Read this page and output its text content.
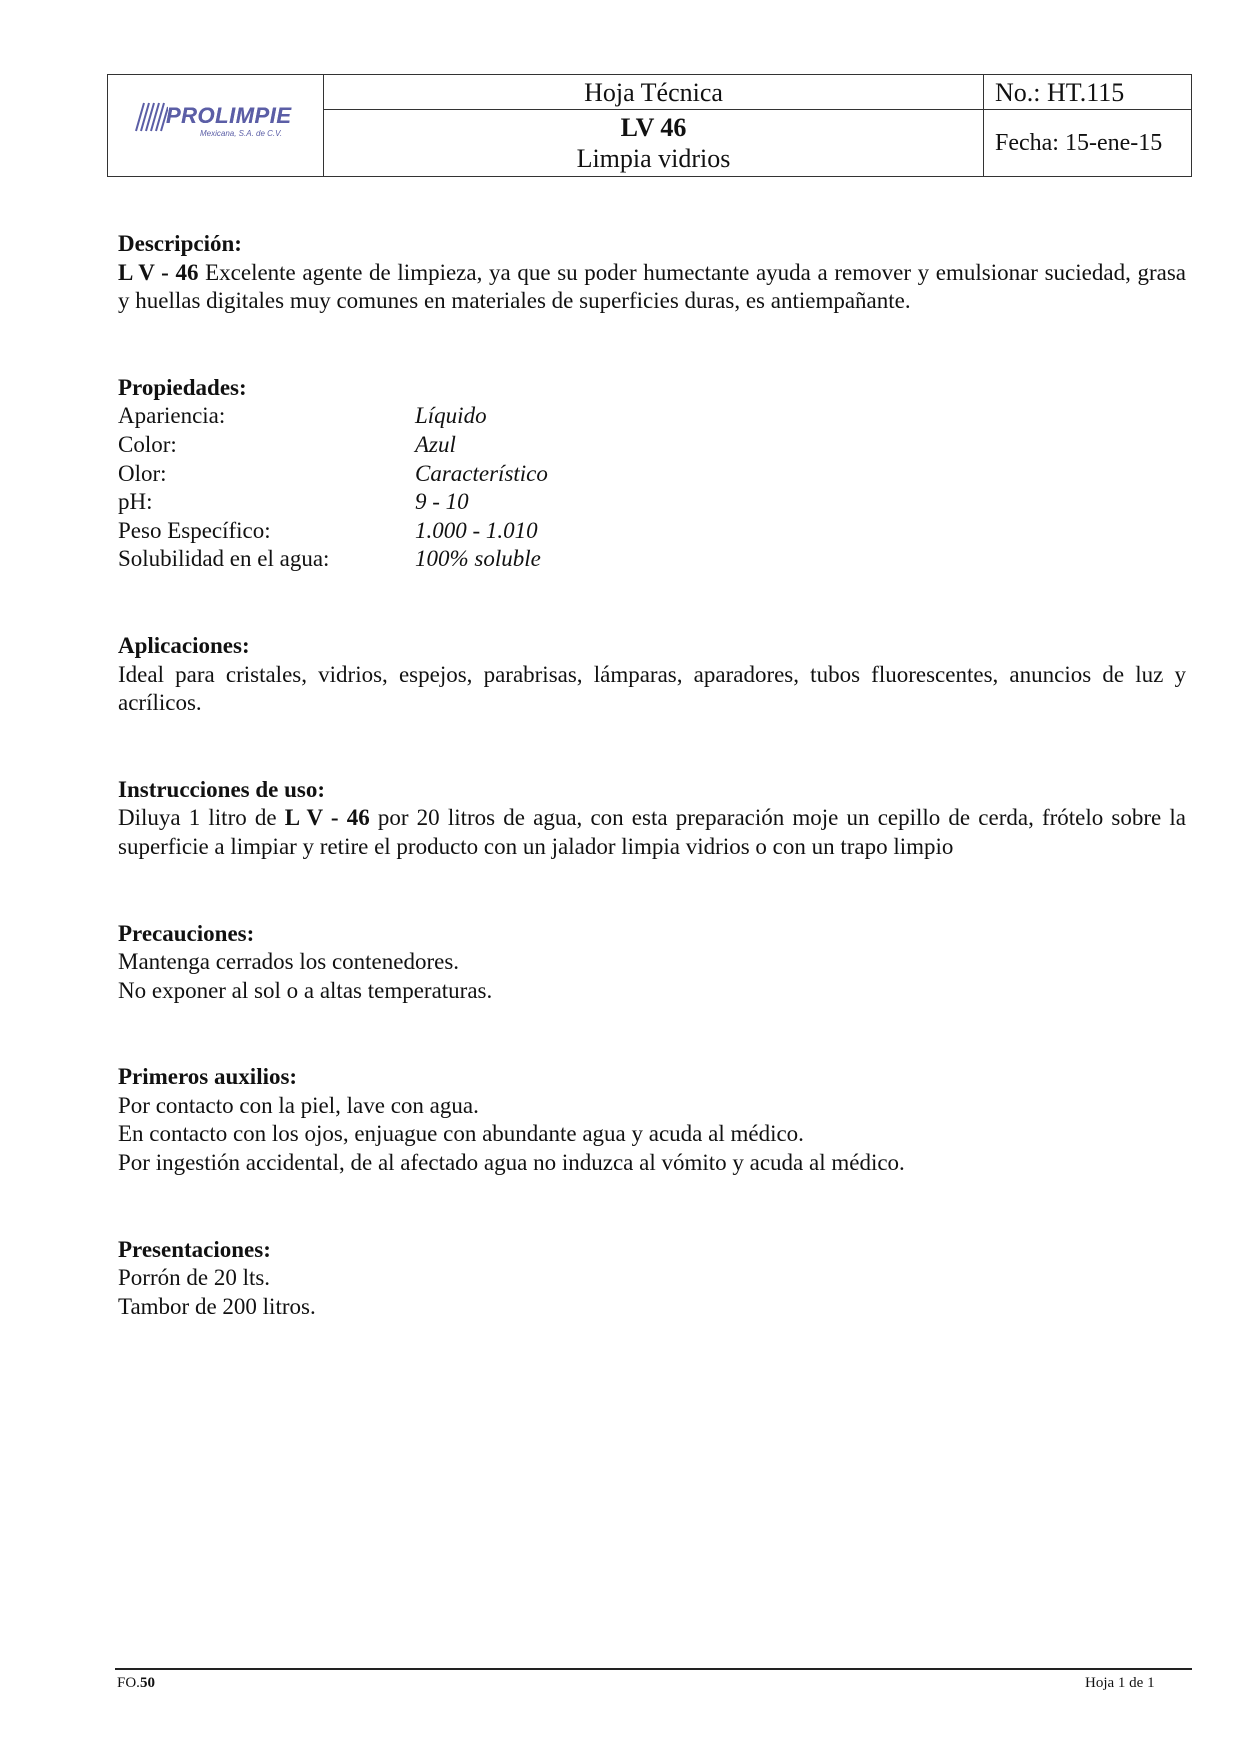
PROLIMPIE
Mexicana, S.A. de C.V.
Hoja Técnica
LV 46
Limpia vidrios
No.: HT.115
Fecha: 15-ene-15
Descripción:

L V - 46 Excelente agente de limpieza, ya que su poder humectante ayuda a remover y emulsionar suciedad, grasa y huellas digitales muy comunes en materiales de superficies duras, es antiempañante.

Propiedades:
Apariencia:	Líquido
Color:	Azul
Olor:	Característico
pH:	9 - 10
Peso Específico:	1.000 - 1.010
Solubilidad en el agua:	100% soluble
Aplicaciones:

Ideal para cristales, vidrios, espejos, parabrisas, lámparas, aparadores, tubos fluorescentes, anuncios de luz y acrílicos.

Instrucciones de uso:

Diluya 1 litro de L V - 46 por 20 litros de agua, con esta preparación moje un cepillo de cerda, frótelo sobre la superficie a limpiar y retire el producto con un jalador limpia vidrios o con un trapo limpio

Precauciones:

Mantenga cerrados los contenedores.

No exponer al sol o a altas temperaturas.

Primeros auxilios:

Por contacto con la piel, lave con agua.

En contacto con los ojos, enjuague con abundante agua y acuda al médico.

Por ingestión accidental, de al afectado agua no induzca al vómito y acuda al médico.

Presentaciones:

Porrón de 20 lts.

Tambor de 200 litros.

FO.50	Hoja 1 de 1
